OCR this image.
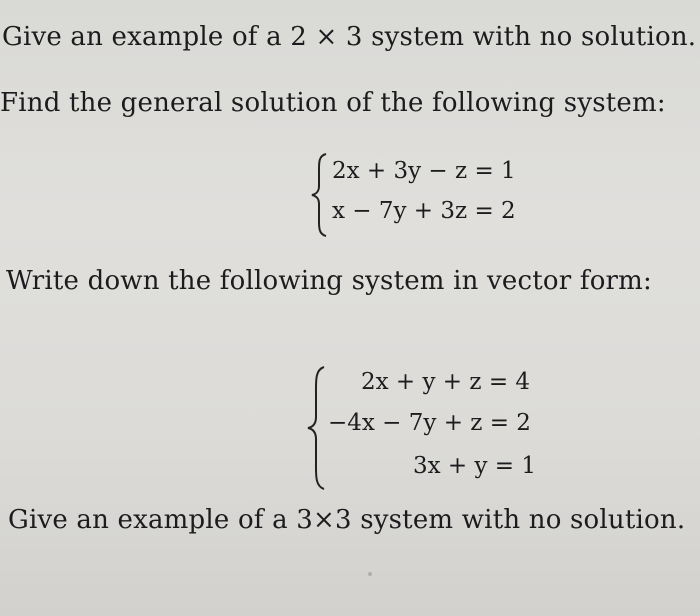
Give an example of a 2 × 3 system with no solution.
Find the general solution of the following system:
2x + 3y − z = 1
x − 7y + 3z = 2
Write down the following system in vector form:
2x + y + z = 4
−4x − 7y + z = 2
3x + y = 1
Give an example of a 3×3 system with no solution.
